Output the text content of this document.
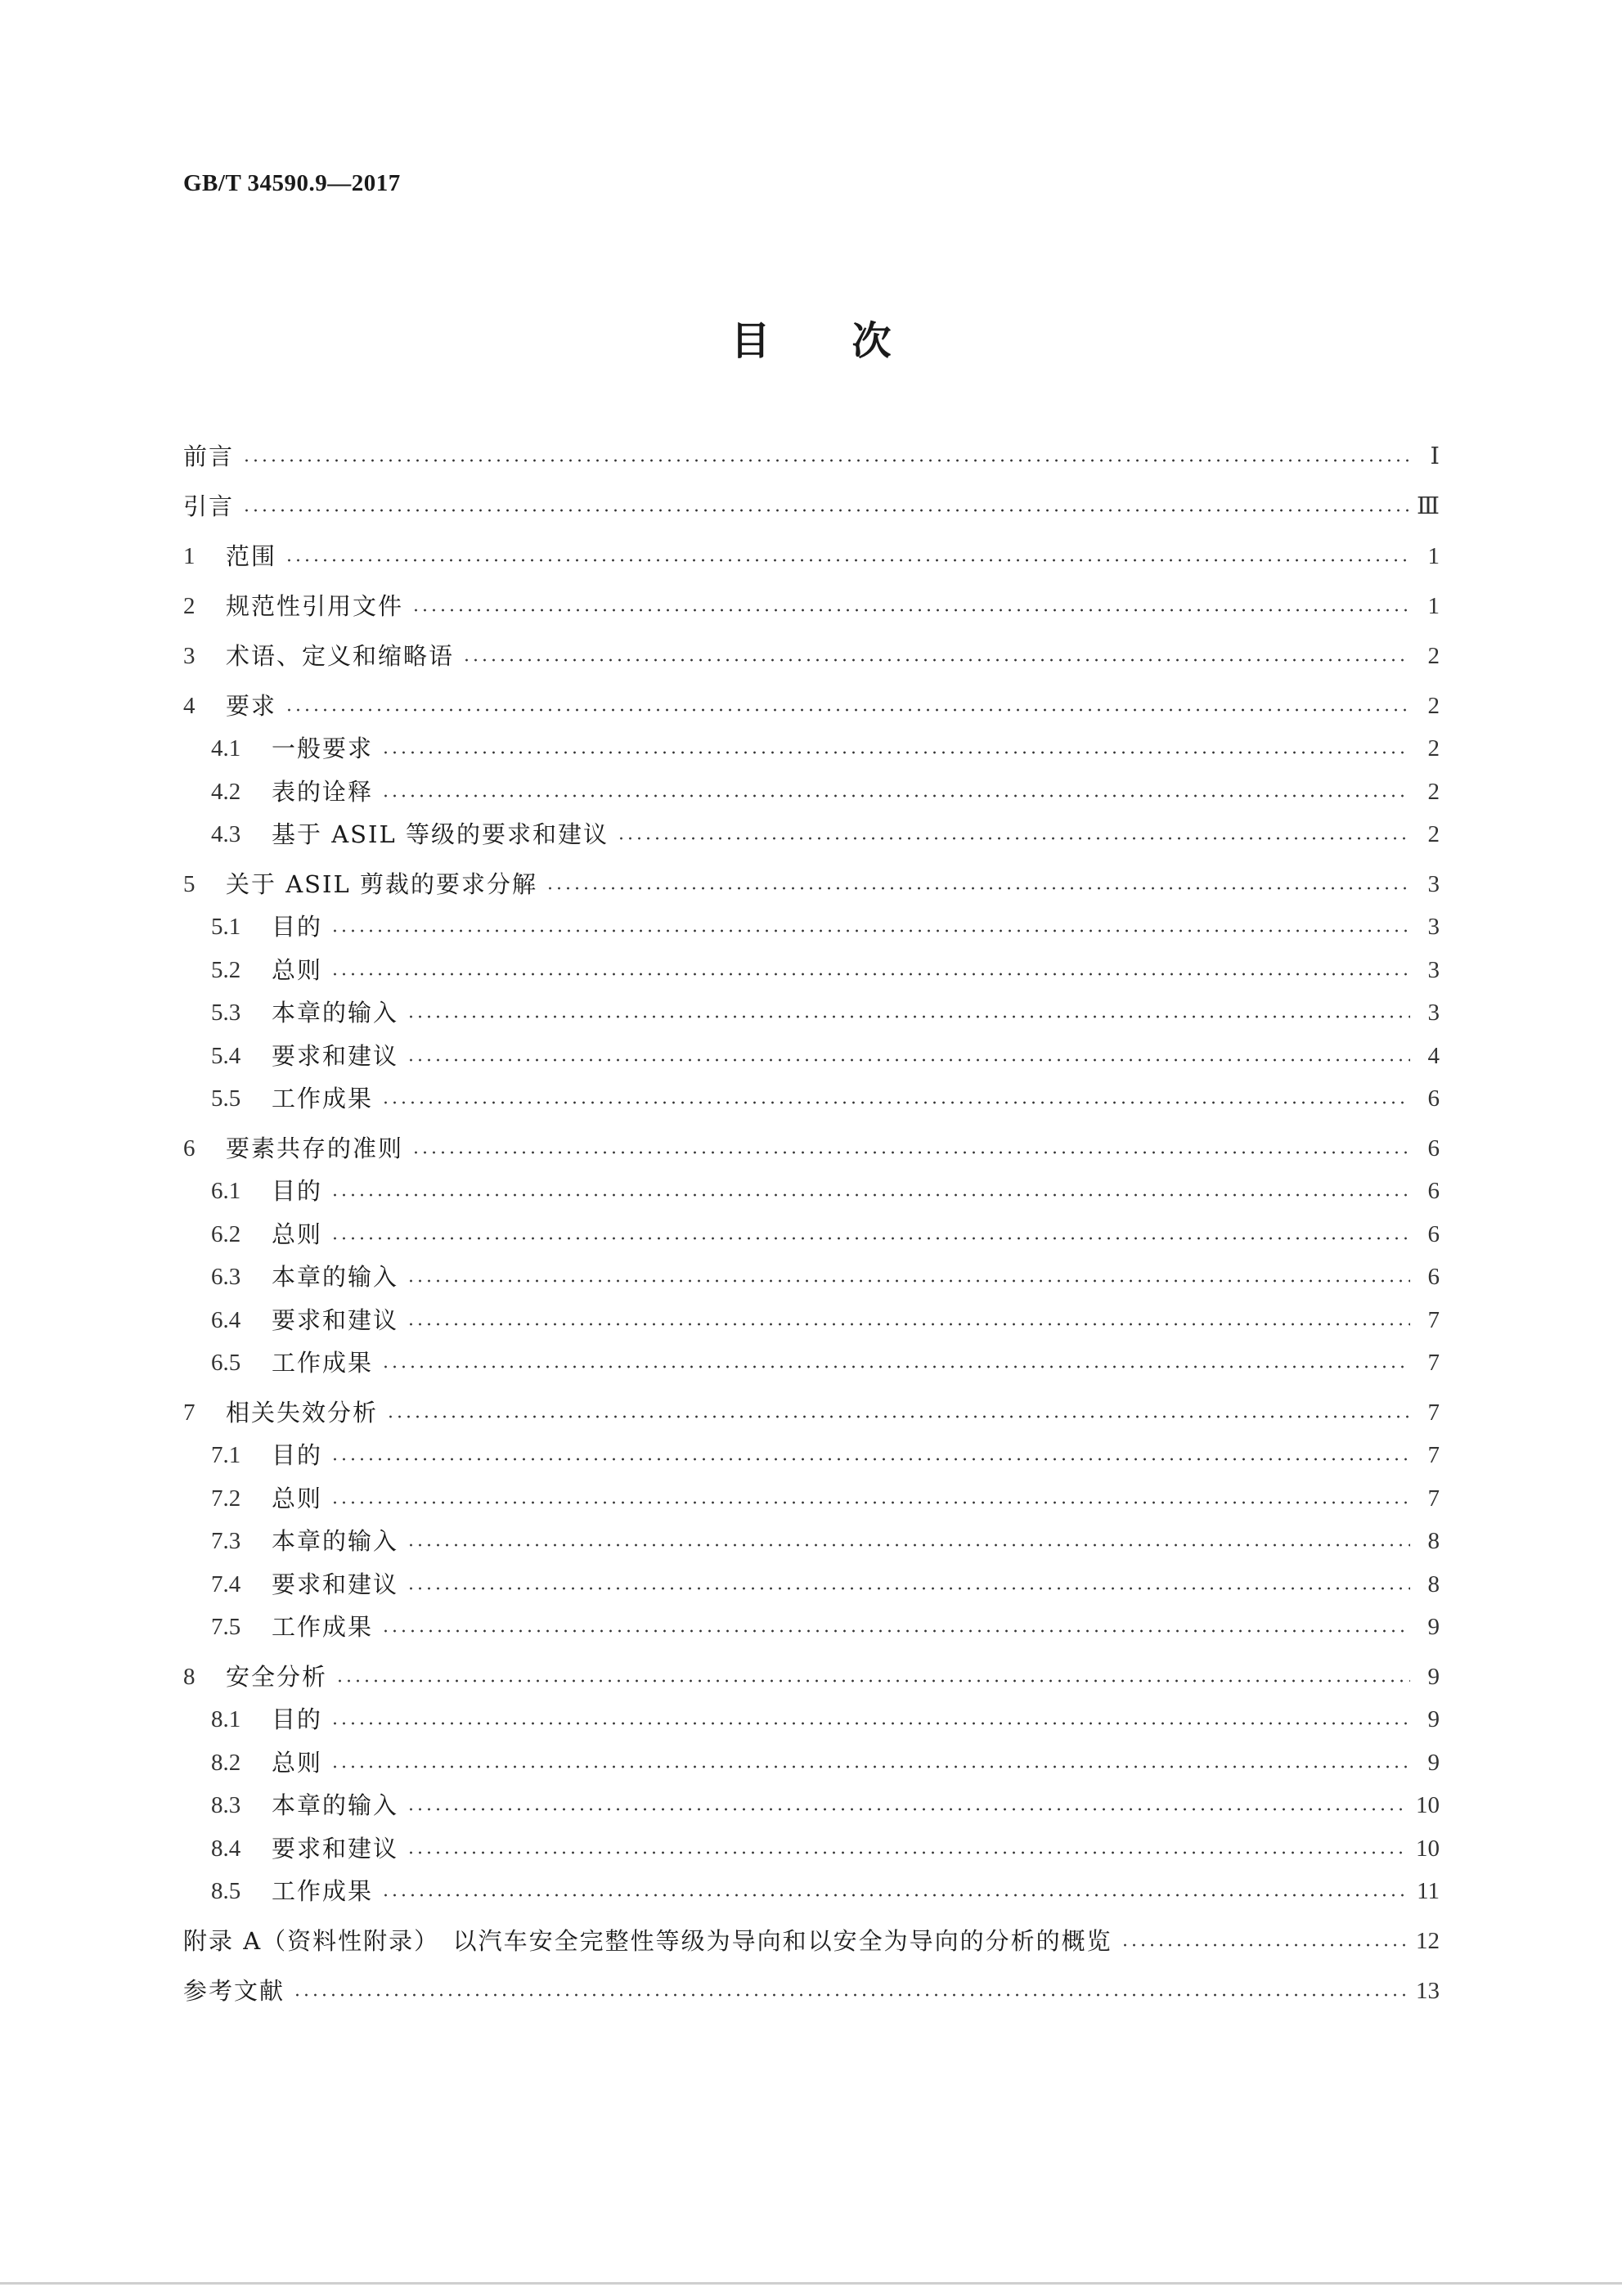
GB/T 34590.9—2017
目 次
前言	Ⅰ
引言	Ⅲ
1	范围	1
2	规范性引用文件	1
3	术语、定义和缩略语	2
4	要求	2
4.1	一般要求	2
4.2	表的诠释	2
4.3	基于 ASIL 等级的要求和建议	2
5	关于 ASIL 剪裁的要求分解	3
5.1	目的	3
5.2	总则	3
5.3	本章的输入	3
5.4	要求和建议	4
5.5	工作成果	6
6	要素共存的准则	6
6.1	目的	6
6.2	总则	6
6.3	本章的输入	6
6.4	要求和建议	7
6.5	工作成果	7
7	相关失效分析	7
7.1	目的	7
7.2	总则	7
7.3	本章的输入	8
7.4	要求和建议	8
7.5	工作成果	9
8	安全分析	9
8.1	目的	9
8.2	总则	9
8.3	本章的输入	10
8.4	要求和建议	10
8.5	工作成果	11
附录 A（资料性附录）　以汽车安全完整性等级为导向和以安全为导向的分析的概览	12
参考文献	13
